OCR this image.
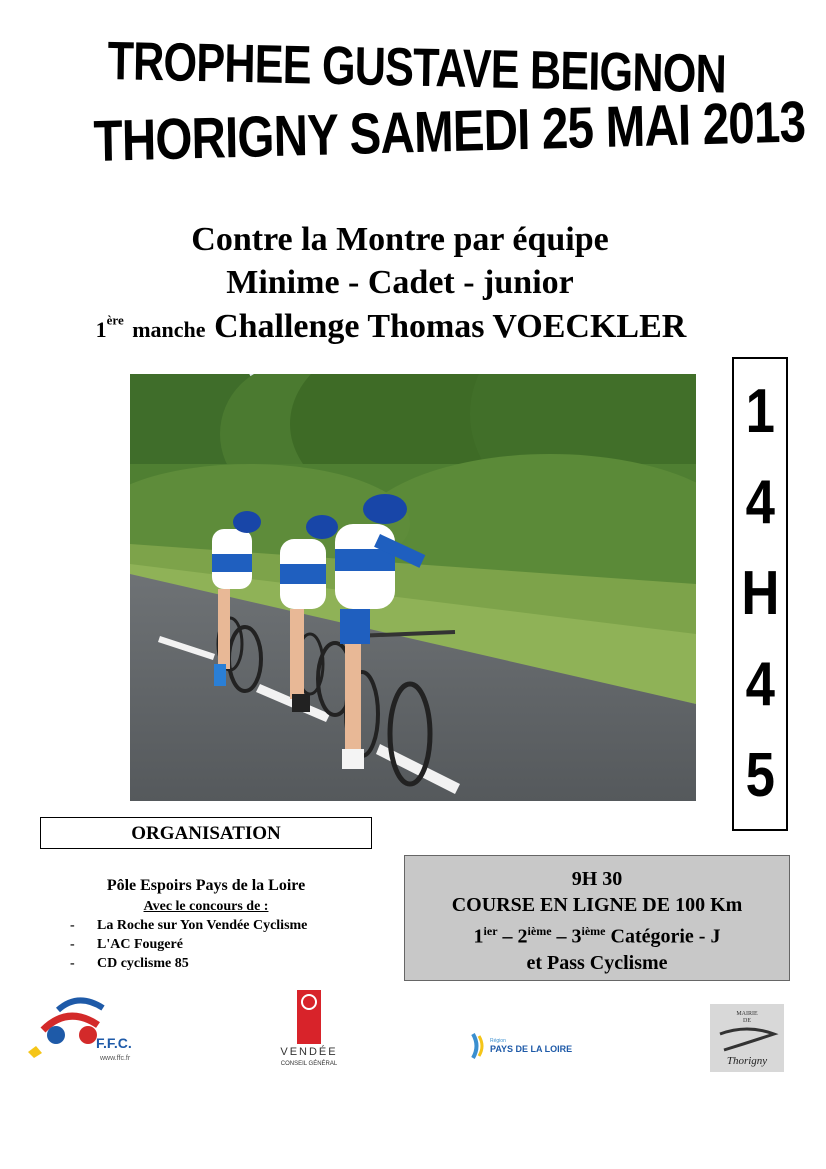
TROPHEE GUSTAVE BEIGNON
THORIGNY SAMEDI 25 MAI 2013
Contre la Montre par équipe
Minime - Cadet - junior
1ère manche Challenge Thomas VOECKLER
1
4
H
4
5
ORGANISATION
Pôle Espoirs Pays de la Loire
Avec le concours de :
- La Roche sur Yon Vendée Cyclisme
- L'AC Fougeré
- CD cyclisme 85
9H 30
COURSE EN LIGNE DE 100 Km
$1^{ier} - 2ième - 3ième$ Catégorie - J
et Pass Cyclisme
F.F.C.
www.ffc.fr
VENDÉE
CONSEIL GÉNÉRAL
Région
PAYS DE LA LOIRE
MAIRIE
DE
Thorigny
